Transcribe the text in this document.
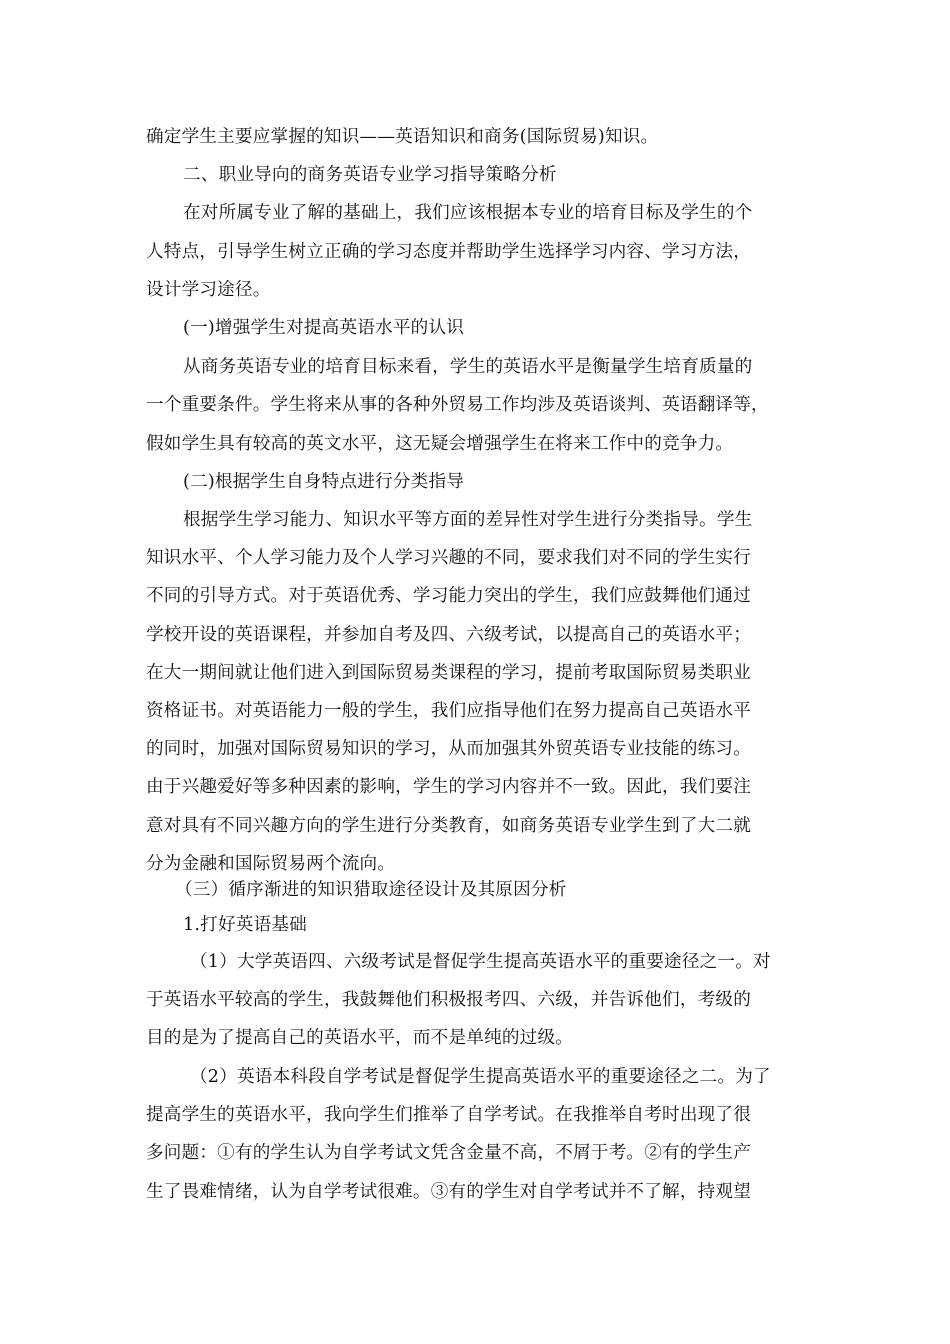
确定学生主要应掌握的知识——英语知识和商务(国际贸易)知识。
二、职业导向的商务英语专业学习指导策略分析
在对所属专业了解的基础上，我们应该根据本专业的培育目标及学生的个
人特点，引导学生树立正确的学习态度并帮助学生选择学习内容、学习方法，
设计学习途径。
(一)增强学生对提高英语水平的认识
从商务英语专业的培育目标来看，学生的英语水平是衡量学生培育质量的
一个重要条件。学生将来从事的各种外贸易工作均涉及英语谈判、英语翻译等，
假如学生具有较高的英文水平，这无疑会增强学生在将来工作中的竞争力。
(二)根据学生自身特点进行分类指导
根据学生学习能力、知识水平等方面的差异性对学生进行分类指导。学生
知识水平、个人学习能力及个人学习兴趣的不同，要求我们对不同的学生实行
不同的引导方式。对于英语优秀、学习能力突出的学生，我们应鼓舞他们通过
学校开设的英语课程，并参加自考及四、六级考试，以提高自己的英语水平；
在大一期间就让他们进入到国际贸易类课程的学习，提前考取国际贸易类职业
资格证书。对英语能力一般的学生，我们应指导他们在努力提高自己英语水平
的同时，加强对国际贸易知识的学习，从而加强其外贸英语专业技能的练习。
由于兴趣爱好等多种因素的影响，学生的学习内容并不一致。因此，我们要注
意对具有不同兴趣方向的学生进行分类教育，如商务英语专业学生到了大二就
分为金融和国际贸易两个流向。
（三）循序渐进的知识猎取途径设计及其原因分析
1.打好英语基础
（1）大学英语四、六级考试是督促学生提高英语水平的重要途径之一。对
于英语水平较高的学生，我鼓舞他们积极报考四、六级，并告诉他们，考级的
目的是为了提高自己的英语水平，而不是单纯的过级。
（2）英语本科段自学考试是督促学生提高英语水平的重要途径之二。为了
提高学生的英语水平，我向学生们推举了自学考试。在我推举自考时出现了很
多问题：①有的学生认为自学考试文凭含金量不高，不屑于考。②有的学生产
生了畏难情绪，认为自学考试很难。③有的学生对自学考试并不了解，持观望
